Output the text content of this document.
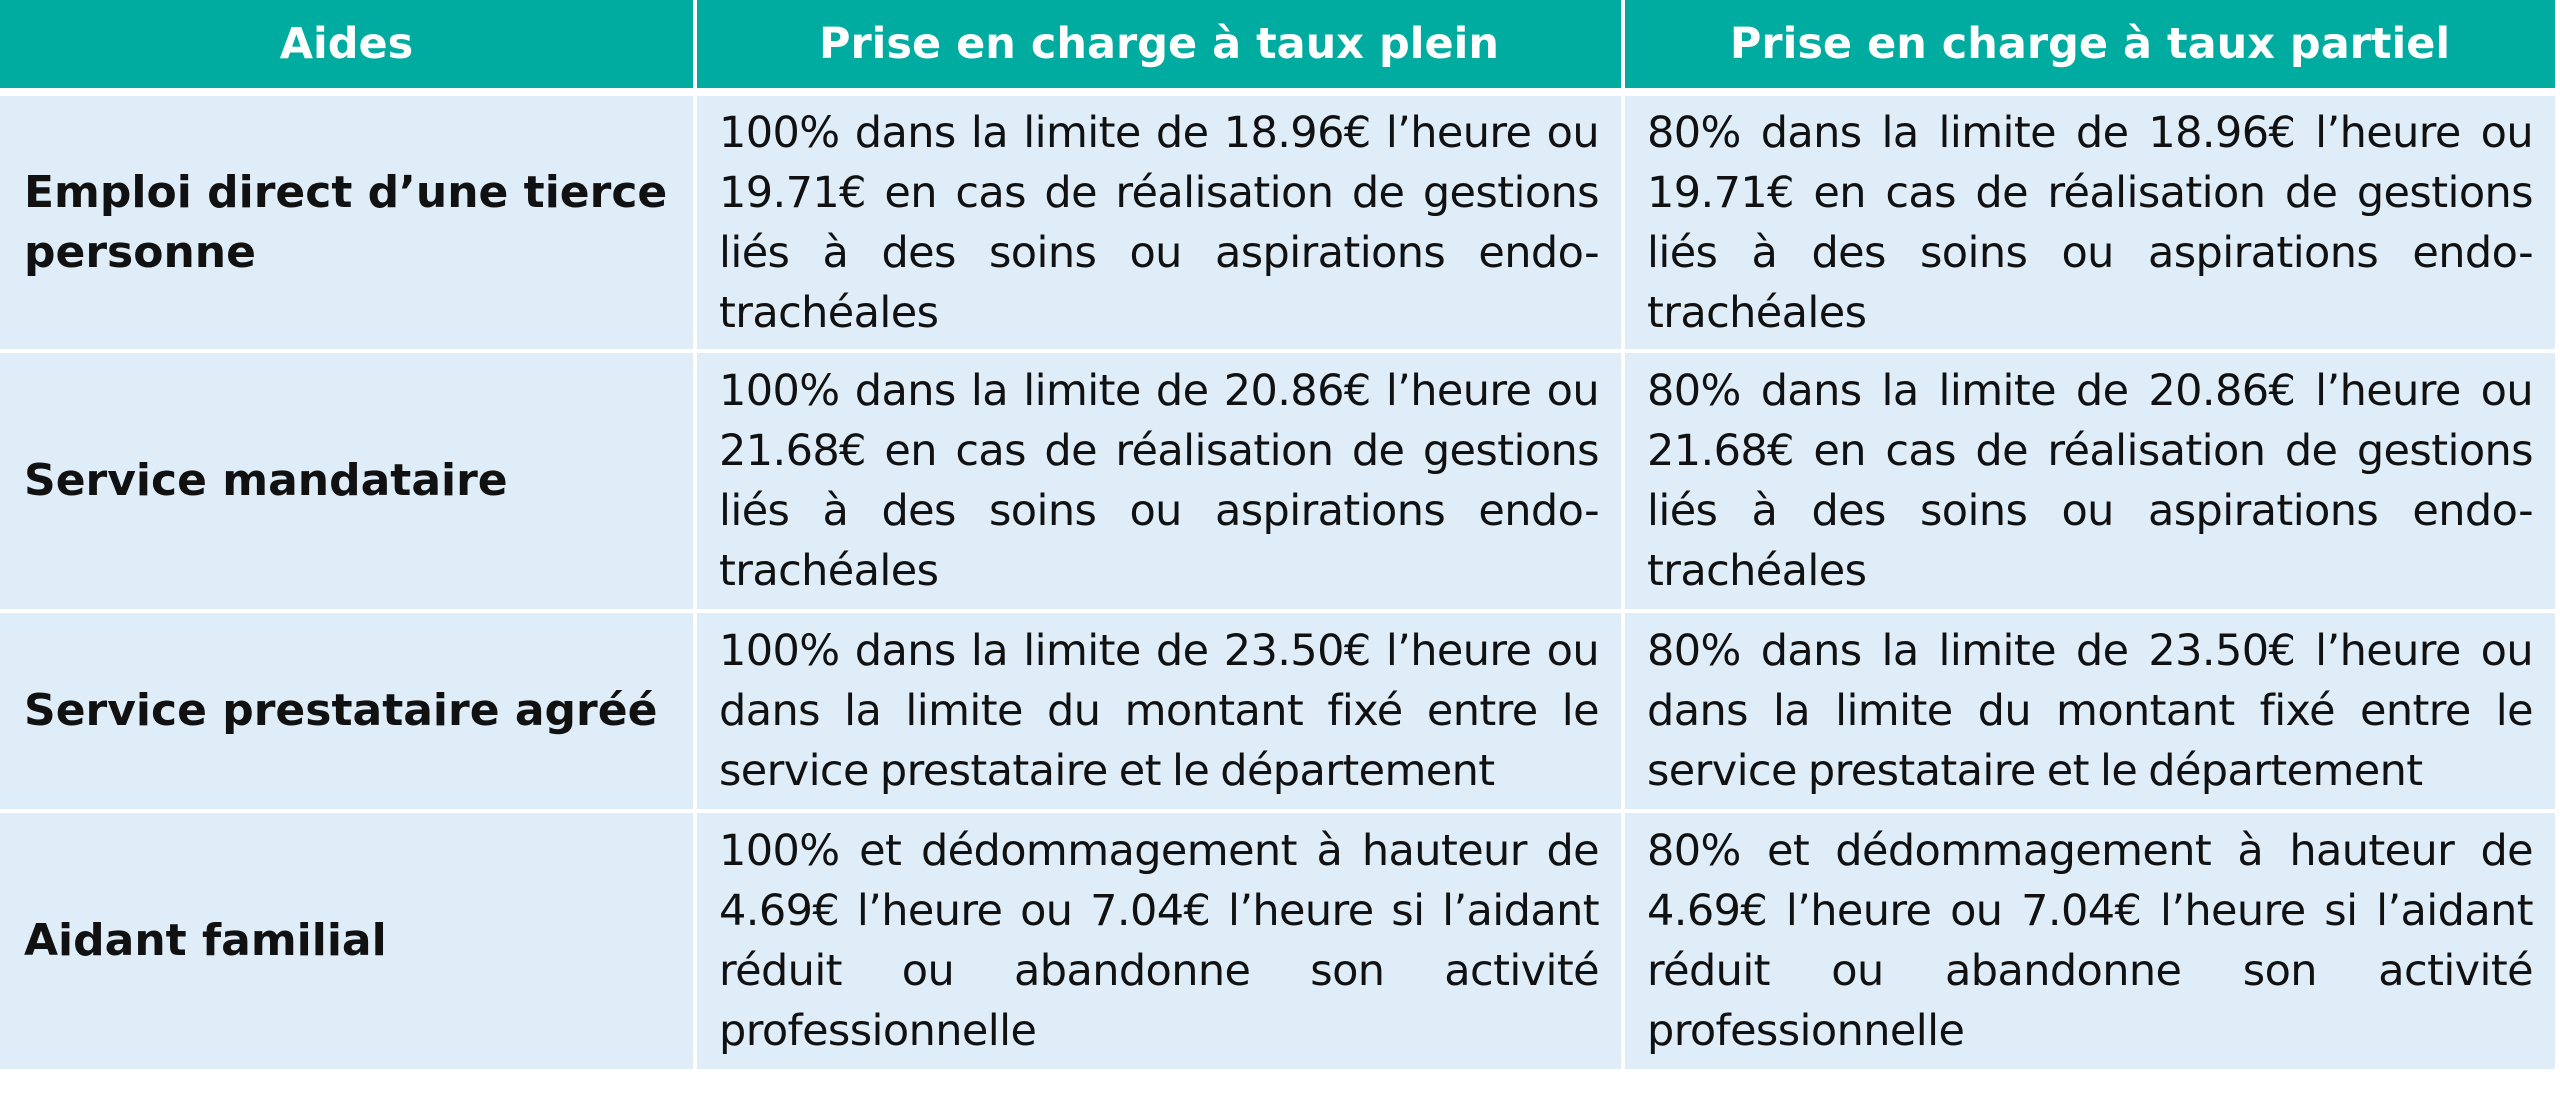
Aides	Prise en charge à taux plein	Prise en charge à taux partiel
Emploi direct d’une tierce personne	100% dans la limite de 18.96€ l’heure ou 19.71€ en cas de réalisation de gestions liés à des soins ou aspirations endo-trachéales	80% dans la limite de 18.96€ l’heure ou 19.71€ en cas de réalisation de gestions liés à des soins ou aspirations endo-trachéales
Service mandataire	100% dans la limite de 20.86€ l’heure ou 21.68€ en cas de réalisation de gestions liés à des soins ou aspirations endo-trachéales	80% dans la limite de 20.86€ l’heure ou 21.68€ en cas de réalisation de gestions liés à des soins ou aspirations endo-trachéales
Service prestataire agréé	100% dans la limite de 23.50€ l’heure ou dans la limite du montant fixé entre le service prestataire et le département	80% dans la limite de 23.50€ l’heure ou dans la limite du montant fixé entre le service prestataire et le département
Aidant familial	100% et dédommagement à hauteur de 4.69€ l’heure ou 7.04€ l’heure si l’aidant réduit ou abandonne son activité professionnelle	80% et dédommagement à hauteur de 4.69€ l’heure ou 7.04€ l’heure si l’aidant réduit ou abandonne son activité professionnelle
